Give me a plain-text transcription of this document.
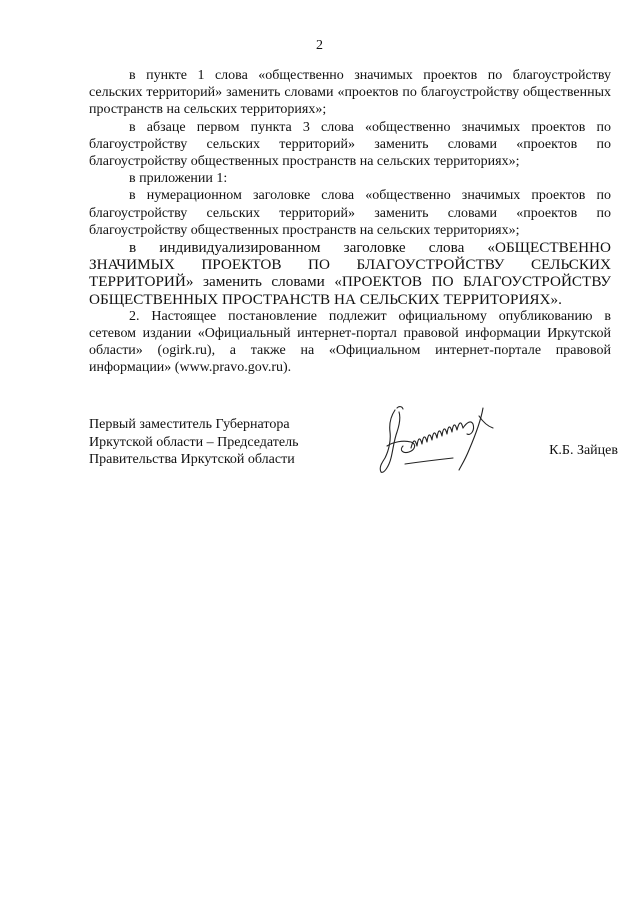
2

в пункте 1 слова «общественно значимых проектов по благоустройству сельских территорий» заменить словами «проектов по благоустройству общественных пространств на сельских территориях»;

в абзаце первом пункта 3 слова «общественно значимых проектов по благоустройству сельских территорий» заменить словами «проектов по благоустройству общественных пространств на сельских территориях»;

в приложении 1:

в нумерационном заголовке слова «общественно значимых проектов по благоустройству сельских территорий» заменить словами «проектов по благоустройству общественных пространств на сельских территориях»;

в индивидуализированном заголовке слова «ОБЩЕСТВЕННО ЗНАЧИМЫХ ПРОЕКТОВ ПО БЛАГОУСТРОЙСТВУ СЕЛЬСКИХ ТЕРРИТОРИЙ» заменить словами «ПРОЕКТОВ ПО БЛАГОУСТРОЙСТВУ ОБЩЕСТВЕННЫХ ПРОСТРАНСТВ НА СЕЛЬСКИХ ТЕРРИТОРИЯХ».

2. Настоящее постановление подлежит официальному опубликованию в сетевом издании «Официальный интернет-портал правовой информации Иркутской области» (ogirk.ru), а также на «Официальном интернет-портале правовой информации» (www.pravo.gov.ru).

Первый заместитель Губернатора
Иркутской области – Председатель
Правительства Иркутской области
К.Б. Зайцев
